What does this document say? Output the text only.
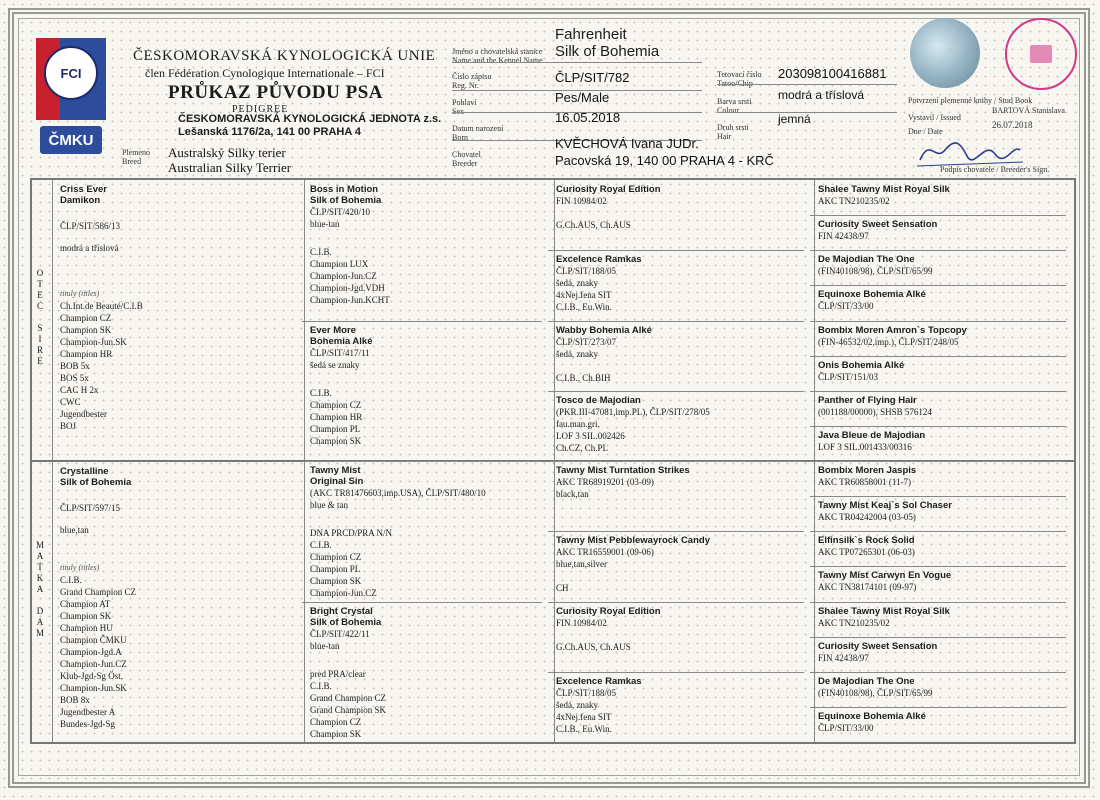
FCI
ČMKU
ČESKOMORAVSKÁ KYNOLOGICKÁ UNIE
člen Fédération Cynologique Internationale – FCI
PRŮKAZ PŮVODU PSA
PEDIGREE
ČESKOMORAVSKÁ KYNOLOGICKÁ JEDNOTA z.s.
Lešanská 1176/2a, 141 00 PRAHA 4
Plemeno
Breed
Australský Silky terier
Australian Silky Terrier
Jméno a chovatelská stanice
Name and the Kennel Name
Fahrenheit
Silk of Bohemia
Číslo zápisu
Reg. Nr.
ČLP/SIT/782
Pohlaví
Sex
Pes/Male
Datum narození
Born
16.05.2018
Chovatel
Breeder
KVĚCHOVÁ Ivana JUDr.
Pacovská 19, 140 00 PRAHA 4 - KRČ
Tetovací číslo
Tatoo/Chip
203098100416881
Barva srsti
Colour
modrá a tříslová
Druh srsti
Hair
jemná
Potvrzení plemenné knihy / Stud Book
Vystavil / Issued
BARTOVÁ Stanislava
Dne / Date
26.07.2018
Podpis chovatele / Breeder's Sign.
O
T
E
C

S
I
R
E
M
A
T
K
A

D
A
M
Criss Ever
Damikon
ČLP/SIT/586/13
modrá a tříslová
tituly (titles)
Ch.Int.de Beauté/C.I.B
Champion CZ
Champion SK
Champion-Jun.SK
Champion HR
BOB 5x
BOS 5x
CAC H 2x
CWC
Jugendbester
BOJ
Crystalline
Silk of Bohemia
ČLP/SIT/597/15
blue,tan
tituly (titles)
C.I.B.
Grand Champion CZ
Champion AT
Champion SK
Champion HU
Champion ČMKU
Champion-Jgd.A
Champion-Jun.CZ
Klub-Jgd-Sg Öst.
Champion-Jun.SK
BOB 8x
Jugendbester A
Bundes-Jgd-Sg
Boss in Motion
Silk of Bohemia
ČLP/SIT/420/10
blue-tan
C.I.B.
Champion LUX
Champion-Jun.CZ
Champion-Jgd.VDH
Champion-Jun.KCHT
Ever More
Bohemia Alké
ČLP/SIT/417/11
šedá se znaky
C.I.B.
Champion CZ
Champion HR
Champion PL
Champion SK
Tawny Mist
Original Sin
(AKC TR81476603,imp.USA), ČLP/SIT/480/10
blue & tan
DNA PRCD/PRA N/N
C.I.B.
Champion CZ
Champion PL
Champion SK
Champion-Jun.CZ
Bright Crystal
Silk of Bohemia
ČLP/SIT/422/11
blue-tan
pred PRA/clear
C.I.B.
Grand Champion CZ
Grand Champion SK
Champion CZ
Champion SK
Curiosity Royal Edition
FIN 10984/02
G.Ch.AUS, Ch.AUS
Excelence Ramkas
ČLP/SIT/188/05
šedá, znaky
4xNej.fena SIT
C.I.B., Eu.Win.
Wabby Bohemia Alké
ČLP/SIT/273/07
šedá, znaky
C.I.B., Ch.BIH
Tosco de Majodian
(PKR.III-47081,imp.PL), ČLP/SIT/278/05
fau.man.gri.
LOF 3 SIL.002426
Ch.CZ, Ch.PL
Tawny Mist Turntation Strikes
AKC TR68919201 (03-09)
black,tan
Tawny Mist Pebblewayrock Candy
AKC TR16559001 (09-06)
blue,tan,silver
CH
Curiosity Royal Edition
FIN 10984/02
G.Ch.AUS, Ch.AUS
Excelence Ramkas
ČLP/SIT/188/05
šedá, znaky
4xNej.fena SIT
C.I.B., Eu.Win.
Shalee Tawny Mist Royal Silk
AKC TN210235/02
Curiosity Sweet Sensation
FIN 42438/97
De Majodian The One
(FIN40108/98), ČLP/SIT/65/99
Equinoxe Bohemia Alké
ČLP/SIT/33/00
Bombix Moren Amron`s Topcopy
(FIN-46532/02,imp.), ČLP/SIT/248/05
Onis Bohemia Alké
ČLP/SIT/151/03
Panther of Flying Hair
(001188/00000), SHSB 576124
Java Bleue de Majodian
LOF 3 SIL.001433/00316
Bombix Moren Jaspis
AKC TR60858001 (11-7)
Tawny Mist Keaj`s Sol Chaser
AKC TR04242004 (03-05)
Elfinsilk`s Rock Solid
AKC TP07265301 (06-03)
Tawny Mist Carwyn En Vogue
AKC TN38174101 (09-97)
Shalee Tawny Mist Royal Silk
AKC TN210235/02
Curiosity Sweet Sensation
FIN 42438/97
De Majodian The One
(FIN40108/98), ČLP/SIT/65/99
Equinoxe Bohemia Alké
ČLP/SIT/33/00
